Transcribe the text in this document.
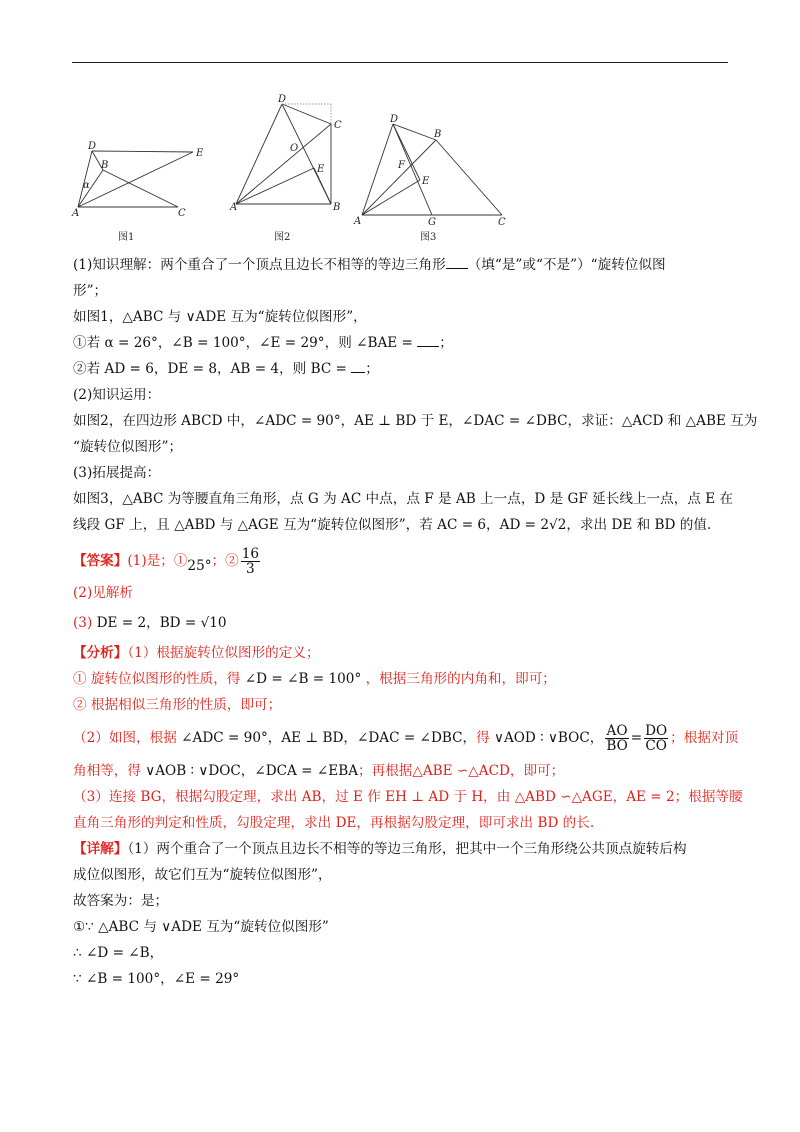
D
E
B
α
A	C
图1
D
C
O
E
A	B
图2
D
B
F
E
A	G	C
图3
(1)知识理解：两个重合了一个顶点且边长不相等的等边三角形 （填“是”或“不是”）“旋转位似图
形”；
如图1，△ABC 与 ∨ADE 互为“旋转位似图形”，
①若 α = 26°，∠B = 100°，∠E = 29°，则 ∠BAE = ；
②若 AD = 6，DE = 8，AB = 4，则 BC = ；
(2)知识运用：
如图2，在四边形 ABCD 中，∠ADC = 90°，AE ⊥ BD 于 E，∠DAC = ∠DBC，求证：△ACD 和 △ABE 互为
“旋转位似图形”；
(3)拓展提高：
如图3，△ABC 为等腰直角三角形，点 G 为 AC 中点，点 F 是 AB 上一点，D 是 GF 延长线上一点，点 E 在
线段 GF 上，且 △ABD 与 △AGE 互为“旋转位似图形”，若 AC = 6，AD = 2√2，求出 DE 和 BD 的值.
【答案】(1)是；①25°；② $\frac{16}{3}$
(2)见解析
(3) DE = 2，BD = √10
【分析】（1）根据旋转位似图形的定义；
① 旋转位似图形的性质，得 ∠D = ∠B = 100° ，根据三角形的内角和，即可；
② 根据相似三角形的性质，即可；
（2）如图，根据 ∠ADC = 90°，AE ⊥ BD，∠DAC = ∠DBC，得 ∨AOD ∶ ∨BOC， $\frac{AO}{BO} = \frac{DO}{CO}$ ；根据对顶
角相等，得 ∨AOB ∶ ∨DOC，∠DCA = ∠EBA；再根据△ABE ∽△ACD，即可；
（3）连接 BG，根据勾股定理，求出 AB，过 E 作 EH ⊥ AD 于 H，由 △ABD ∽△AGE，AE = 2；根据等腰
直角三角形的判定和性质，勾股定理，求出 DE，再根据勾股定理，即可求出 BD 的长.
【详解】（1）两个重合了一个顶点且边长不相等的等边三角形，把其中一个三角形绕公共顶点旋转后构
成位似图形，故它们互为“旋转位似图形”，
故答案为：是；
①∵ △ABC 与 ∨ADE 互为“旋转位似图形”
∴ ∠D = ∠B，
∵ ∠B = 100°，∠E = 29°
